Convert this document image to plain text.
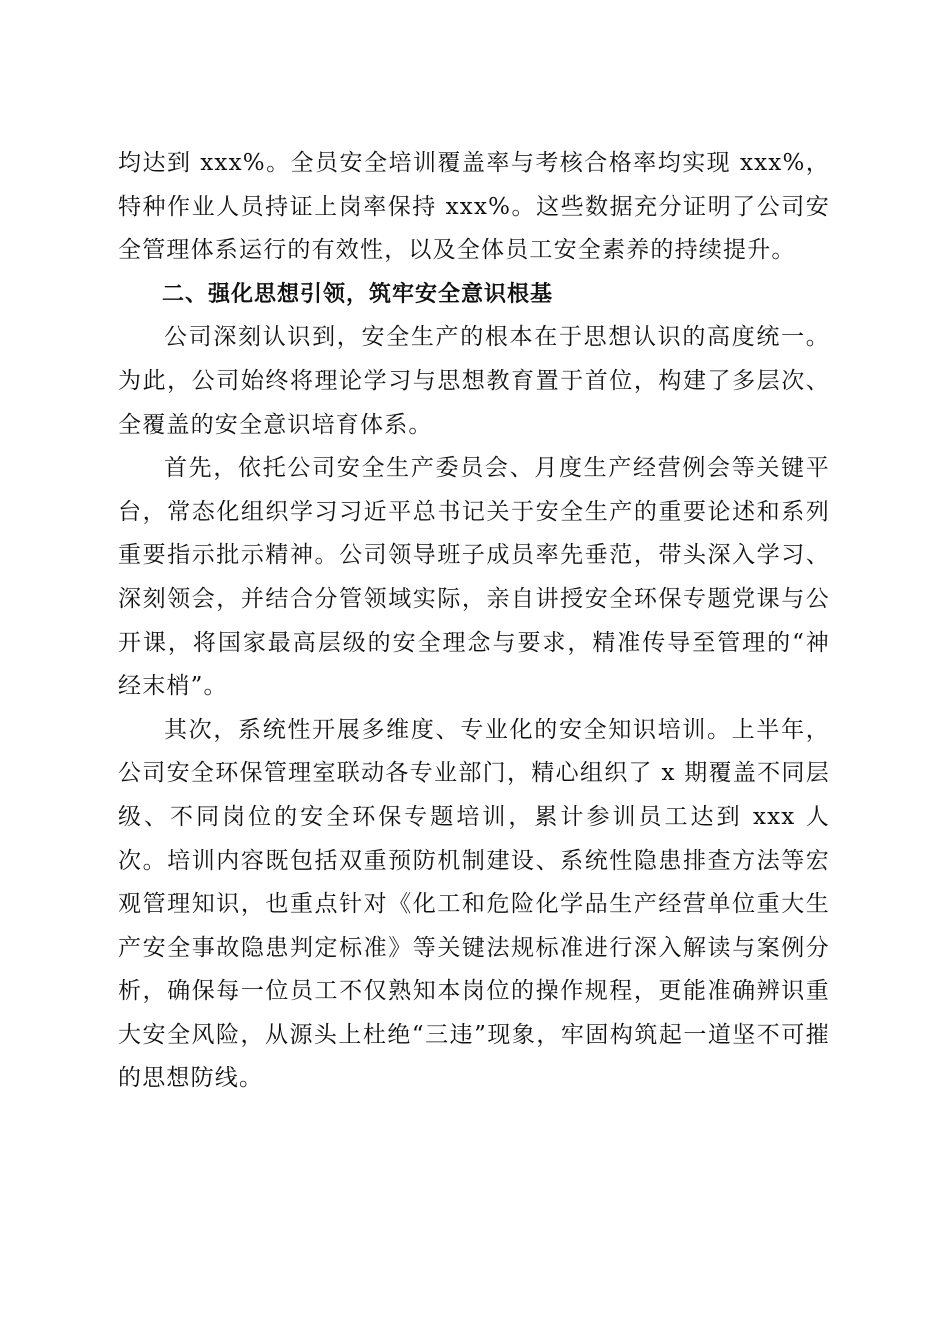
均达到 xxx%。全员安全培训覆盖率与考核合格率均实现 xxx%，特种作业人员持证上岗率保持 xxx%。这些数据充分证明了公司安全管理体系运行的有效性，以及全体员工安全素养的持续提升。

二、强化思想引领，筑牢安全意识根基

公司深刻认识到，安全生产的根本在于思想认识的高度统一。为此，公司始终将理论学习与思想教育置于首位，构建了多层次、全覆盖的安全意识培育体系。

首先，依托公司安全生产委员会、月度生产经营例会等关键平台，常态化组织学习习近平总书记关于安全生产的重要论述和系列重要指示批示精神。公司领导班子成员率先垂范，带头深入学习、深刻领会，并结合分管领域实际，亲自讲授安全环保专题党课与公开课，将国家最高层级的安全理念与要求，精准传导至管理的“神经末梢”。

其次，系统性开展多维度、专业化的安全知识培训。上半年，公司安全环保管理室联动各专业部门，精心组织了 x 期覆盖不同层级、不同岗位的安全环保专题培训，累计参训员工达到 xxx 人次。培训内容既包括双重预防机制建设、系统性隐患排查方法等宏观管理知识，也重点针对《化工和危险化学品生产经营单位重大生产安全事故隐患判定标准》等关键法规标准进行深入解读与案例分析，确保每一位员工不仅熟知本岗位的操作规程，更能准确辨识重大安全风险，从源头上杜绝“三违”现象，牢固构筑起一道坚不可摧的思想防线。
